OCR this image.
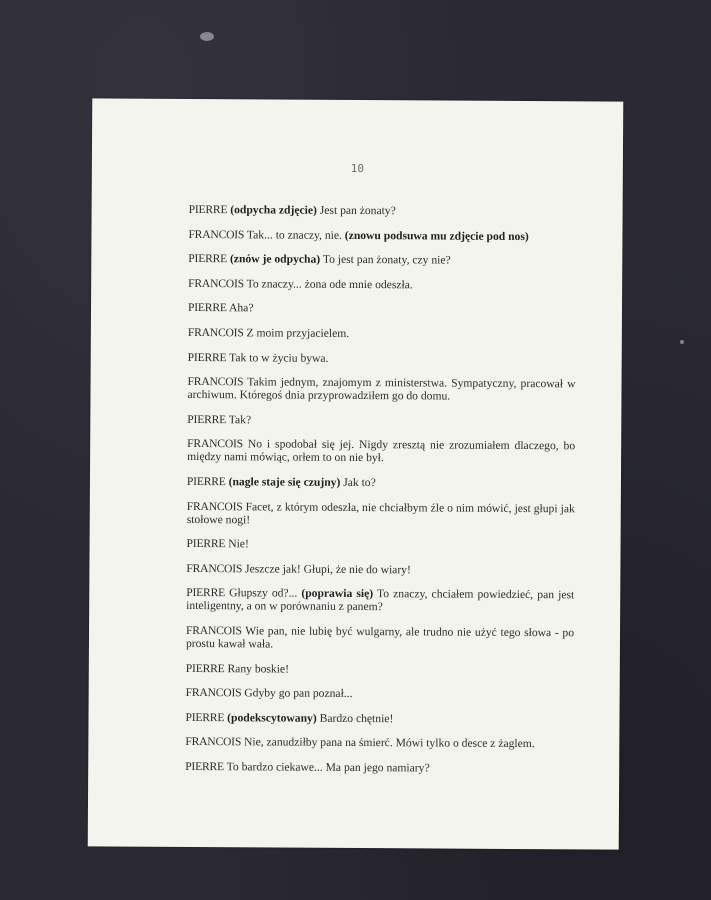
10

PIERRE (odpycha zdjęcie) Jest pan żonaty?

FRANCOIS Tak... to znaczy, nie. (znowu podsuwa mu zdjęcie pod nos)

PIERRE (znów je odpycha) To jest pan żonaty, czy nie?

FRANCOIS To znaczy... żona ode mnie odeszła.

PIERRE Aha?

FRANCOIS Z moim przyjacielem.

PIERRE Tak to w życiu bywa.

FRANCOIS Takim jednym, znajomym z ministerstwa. Sympatyczny, pracował w archiwum. Któregoś dnia przyprowadziłem go do domu.

PIERRE Tak?

FRANCOIS No i spodobał się jej. Nigdy zresztą nie zrozumiałem dlaczego, bo między nami mówiąc, orłem to on nie był.

PIERRE (nagle staje się czujny) Jak to?

FRANCOIS Facet, z którym odeszła, nie chciałbym źle o nim mówić, jest głupi jak stołowe nogi!

PIERRE Nie!

FRANCOIS Jeszcze jak! Głupi, że nie do wiary!

PIERRE Głupszy od?... (poprawia się) To znaczy, chciałem powiedzieć, pan jest inteligentny, a on w porównaniu z panem?

FRANCOIS Wie pan, nie lubię być wulgarny, ale trudno nie użyć tego słowa - po prostu kawał wała.

PIERRE Rany boskie!

FRANCOIS Gdyby go pan poznał...

PIERRE (podekscytowany) Bardzo chętnie!

FRANCOIS Nie, zanudziłby pana na śmierć. Mówi tylko o desce z żaglem.

PIERRE To bardzo ciekawe... Ma pan jego namiary?
